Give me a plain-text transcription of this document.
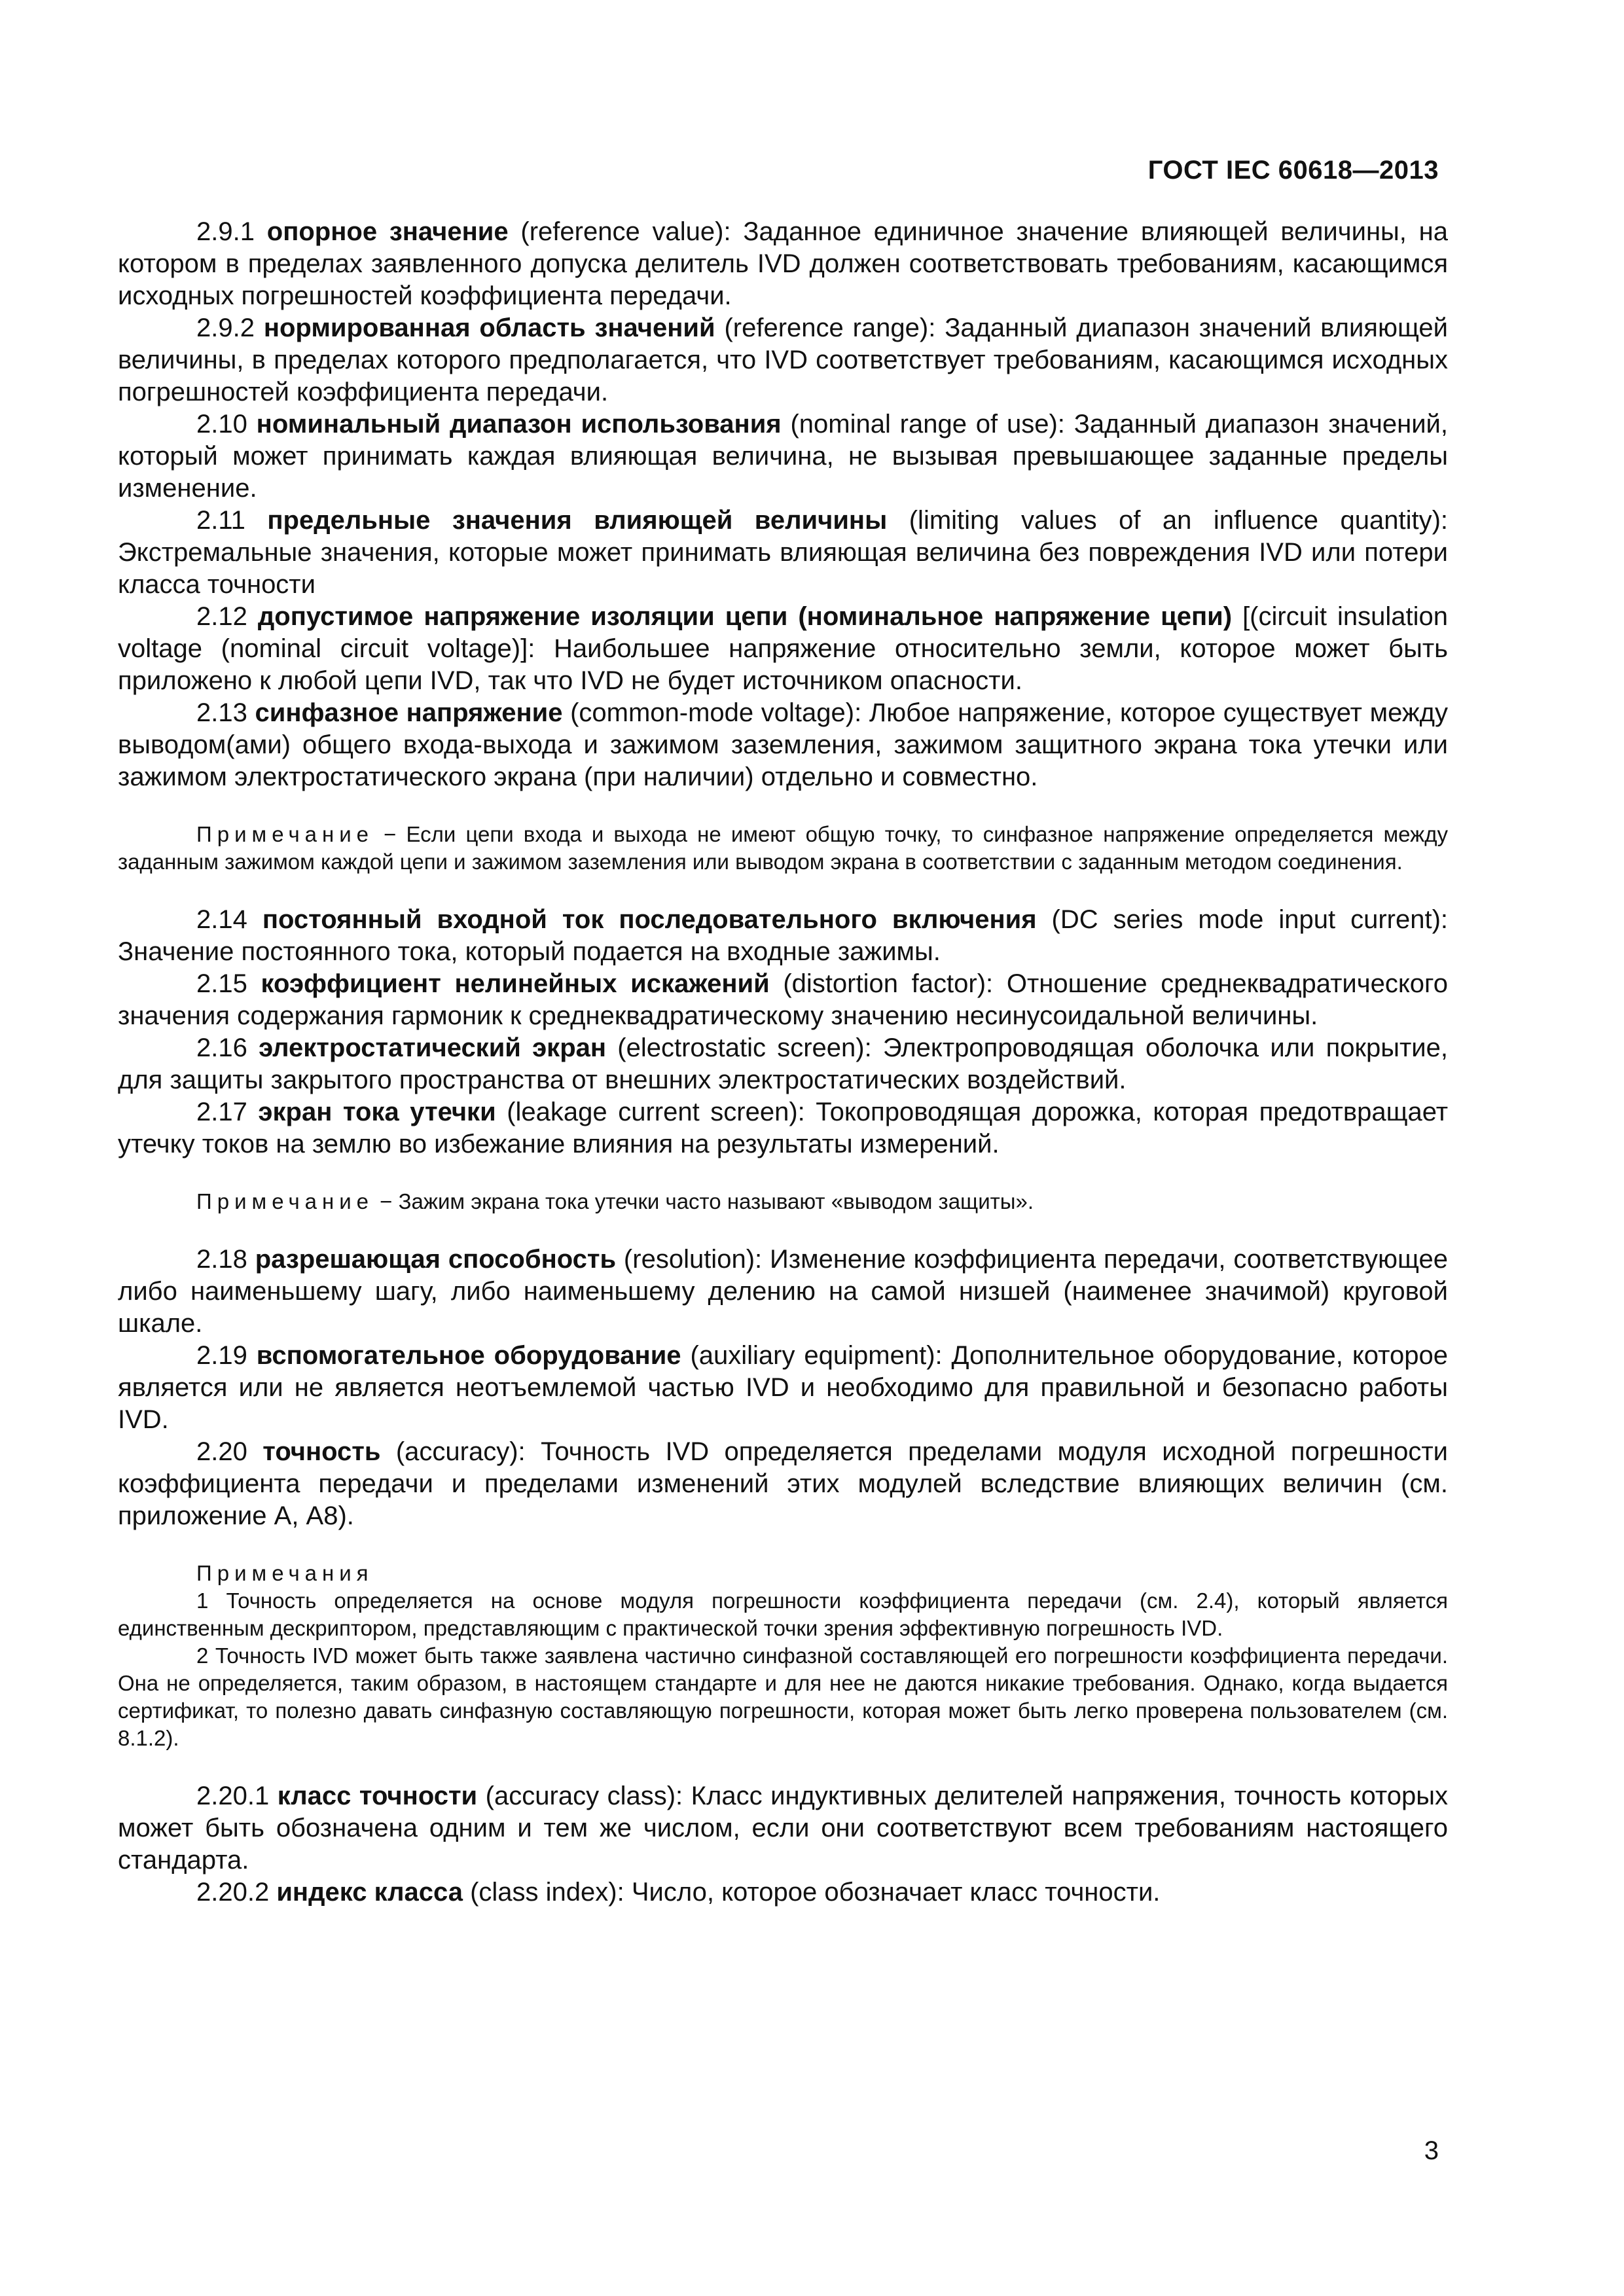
ГОСТ IEC 60618—2013

2.9.1 опорное значение (reference value): Заданное единичное значение влияющей величины, на котором в пределах заявленного допуска делитель IVD должен соответствовать требованиям, касающимся исходных погрешностей коэффициента передачи.

2.9.2 нормированная область значений (reference range): Заданный диапазон значений влияющей величины, в пределах которого предполагается, что IVD соответствует требованиям, касающимся исходных погрешностей коэффициента передачи.

2.10 номинальный диапазон использования (nominal range of use): Заданный диапазон значений, который может принимать каждая влияющая величина, не вызывая превышающее заданные пределы изменение.

2.11 предельные значения влияющей величины (limiting values of an influence quantity): Экстремальные значения, которые может принимать влияющая величина без повреждения IVD или потери класса точности

2.12 допустимое напряжение изоляции цепи (номинальное напряжение цепи) [(circuit insulation voltage (nominal circuit voltage)]: Наибольшее напряжение относительно земли, которое может быть приложено к любой цепи IVD, так что IVD не будет источником опасности.

2.13 синфазное напряжение (common-mode voltage): Любое напряжение, которое существует между выводом(ами) общего входа-выхода и зажимом заземления, зажимом защитного экрана тока утечки или зажимом электростатического экрана (при наличии) отдельно и совместно.

Примечание − Если цепи входа и выхода не имеют общую точку, то синфазное напряжение определяется между заданным зажимом каждой цепи и зажимом заземления или выводом экрана в соответствии с заданным методом соединения.

2.14 постоянный входной ток последовательного включения (DC series mode input current): Значение постоянного тока, который подается на входные зажимы.

2.15 коэффициент нелинейных искажений (distortion factor): Отношение среднеквадратического значения содержания гармоник к среднеквадратическому значению несинусоидальной величины.

2.16 электростатический экран (electrostatic screen): Электропроводящая оболочка или покрытие, для защиты закрытого пространства от внешних электростатических воздействий.

2.17 экран тока утечки (leakage current screen): Токопроводящая дорожка, которая предотвращает утечку токов на землю во избежание влияния на результаты измерений.

Примечание − Зажим экрана тока утечки часто называют «выводом защиты».

2.18 разрешающая способность (resolution): Изменение коэффициента передачи, соответствующее либо наименьшему шагу, либо наименьшему делению на самой низшей (наименее значимой) круговой шкале.

2.19 вспомогательное оборудование (auxiliary equipment): Дополнительное оборудование, которое является или не является неотъемлемой частью IVD и необходимо для правильной и безопасно работы IVD.

2.20 точность (accuracy): Точность IVD определяется пределами модуля исходной погрешности коэффициента передачи и пределами изменений этих модулей вследствие влияющих величин (см. приложение А, А8).

Примечания

1 Точность определяется на основе модуля погрешности коэффициента передачи (см. 2.4), который является единственным дескриптором, представляющим с практической точки зрения эффективную погрешность IVD.

2 Точность IVD может быть также заявлена частично синфазной составляющей его погрешности коэффициента передачи. Она не определяется, таким образом, в настоящем стандарте и для нее не даются никакие требования. Однако, когда выдается сертификат, то полезно давать синфазную составляющую погрешности, которая может быть легко проверена пользователем (см. 8.1.2).

2.20.1 класс точности (accuracy class): Класс индуктивных делителей напряжения, точность которых может быть обозначена одним и тем же числом, если они соответствуют всем требованиям настоящего стандарта.

2.20.2 индекс класса (class index): Число, которое обозначает класс точности.

3
